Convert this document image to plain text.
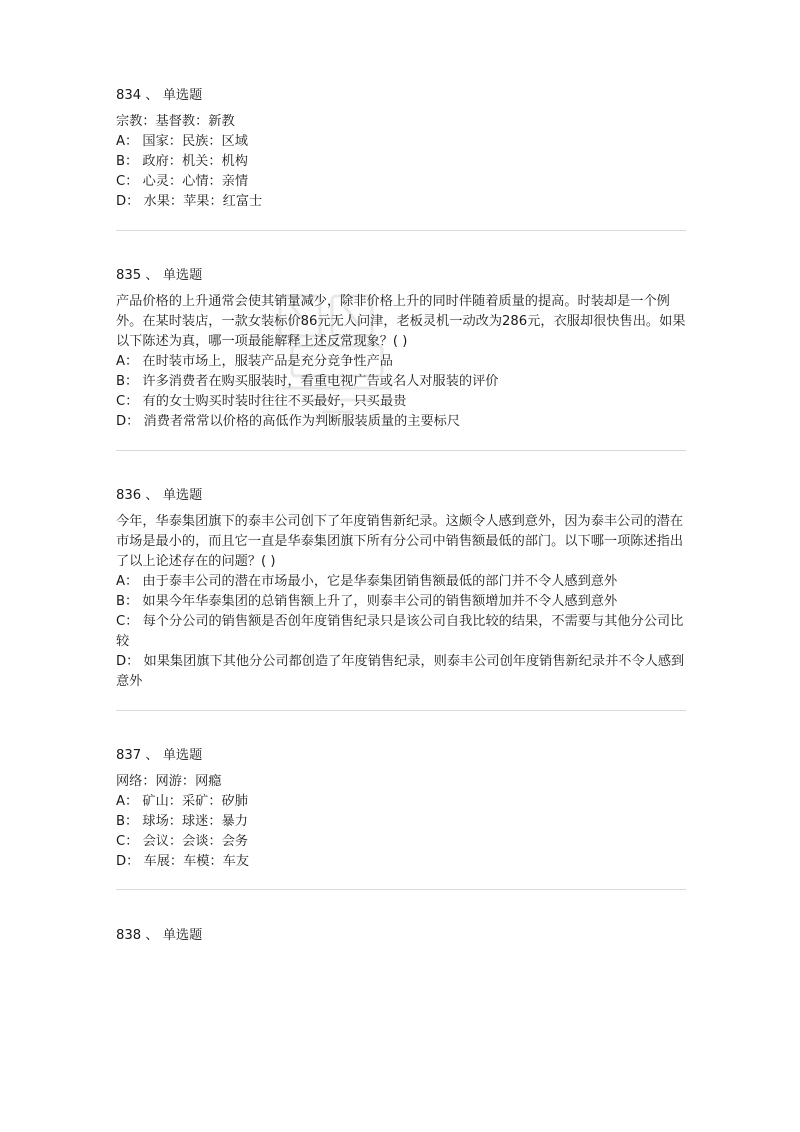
834 、 单选题
宗教：基督教：新教
A： 国家：民族：区域
B： 政府：机关：机构
C： 心灵：心情：亲情
D： 水果：苹果：红富士
835 、 单选题
产品价格的上升通常会使其销量减少，除非价格上升的同时伴随着质量的提高。时装却是一个例外。在某时装店，一款女装标价86元无人问津，老板灵机一动改为286元，衣服却很快售出。如果以下陈述为真，哪一项最能解释上述反常现象？( )
A： 在时装市场上，服装产品是充分竞争性产品
B： 许多消费者在购买服装时，看重电视广告或名人对服装的评价
C： 有的女士购买时装时往往不买最好，只买最贵
D： 消费者常常以价格的高低作为判断服装质量的主要标尺
836 、 单选题
今年，华泰集团旗下的泰丰公司创下了年度销售新纪录。这颇令人感到意外，因为泰丰公司的潜在市场是最小的，而且它一直是华泰集团旗下所有分公司中销售额最低的部门。以下哪一项陈述指出了以上论述存在的问题？( )
A： 由于泰丰公司的潜在市场最小，它是华泰集团销售额最低的部门并不令人感到意外
B： 如果今年华泰集团的总销售额上升了，则泰丰公司的销售额增加并不令人感到意外
C： 每个分公司的销售额是否创年度销售纪录只是该公司自我比较的结果，不需要与其他分公司比较
D： 如果集团旗下其他分公司都创造了年度销售纪录，则泰丰公司创年度销售新纪录并不令人感到意外
837 、 单选题
网络：网游：网瘾
A： 矿山：采矿：矽肺
B： 球场：球迷：暴力
C： 会议：会谈：会务
D： 车展：车模：车友
838 、 单选题
